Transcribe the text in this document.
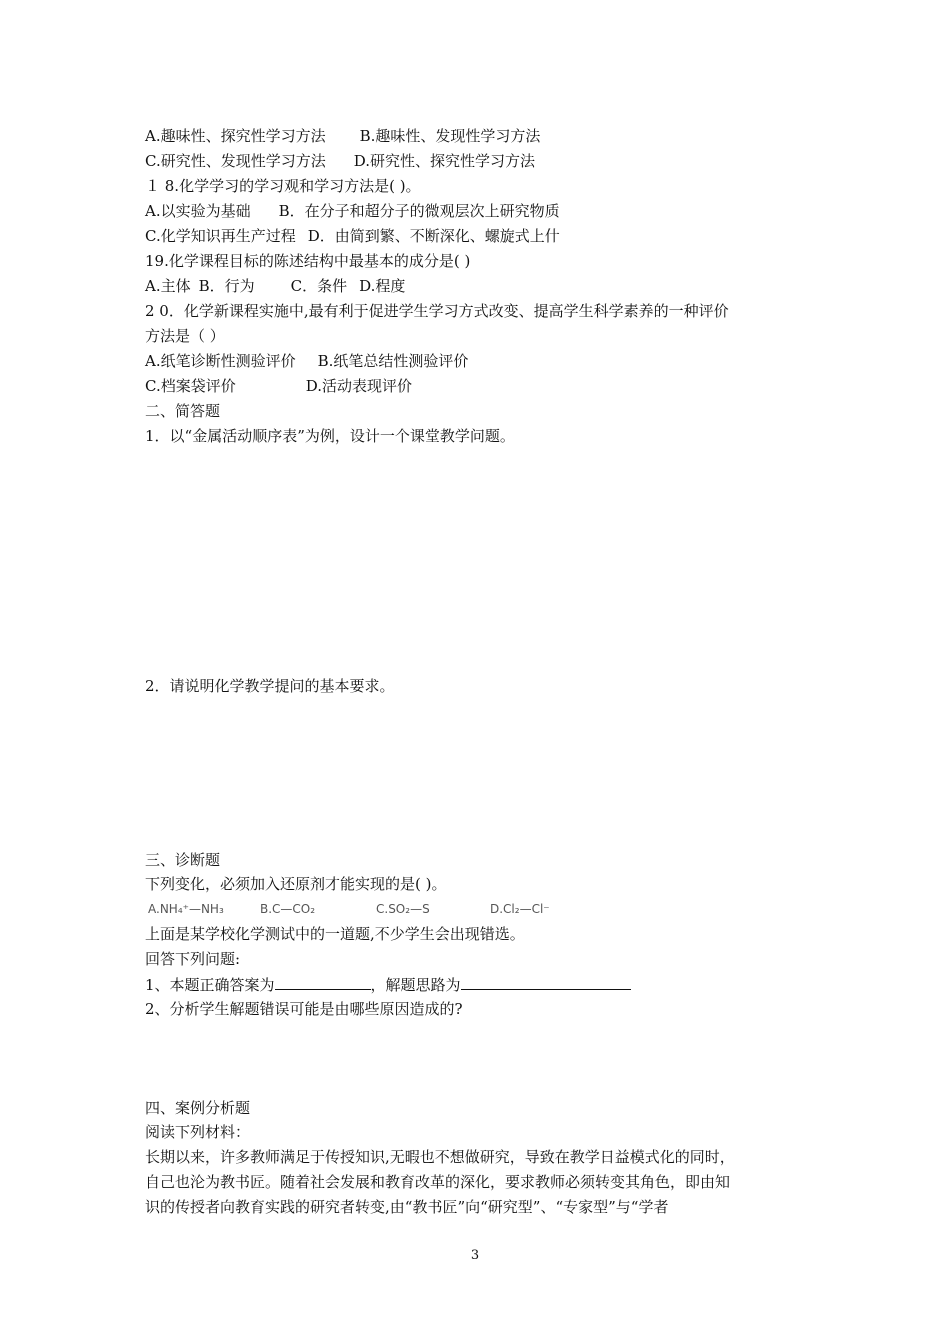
A.趣味性、探究性学习方法 B.趣味性、发现性学习方法
C.研究性、发现性学习方法 D.研究性、探究性学习方法
１ 8.化学学习的学习观和学习方法是( )。
A.以实验为基础 B．在分子和超分子的微观层次上研究物质
C.化学知识再生产过程 D．由简到繁、不断深化、螺旋式上什
19.化学课程目标的陈述结构中最基本的成分是( )
A.主体 B．行为 C．条件 D.程度
2 0．化学新课程实施中,最有利于促进学生学习方式改变、提高学生科学素养的一种评价
方法是（ ）
A.纸笔诊断性测验评价 B.纸笔总结性测验评价
C.档案袋评价	D.活动表现评价
二、简答题
1．以“金属活动顺序表”为例，设计一个课堂教学问题。
2．请说明化学教学提问的基本要求。
三、诊断题
下列变化，必须加入还原剂才能实现的是( )。
A.NH₄⁺—NH₃	B.C—CO₂	C.SO₂—S	D.Cl₂—Cl⁻
上面是某学校化学测试中的一道题,不少学生会出现错选。
回答下列问题:
1、本题正确答案为	，解题思路为
2、分析学生解题错误可能是由哪些原因造成的?
四、案例分析题
阅读下列材料：
长期以来，许多教师满足于传授知识,无暇也不想做研究，导致在教学日益模式化的同时，
自己也沦为教书匠。随着社会发展和教育改革的深化，要求教师必须转变其角色，即由知
识的传授者向教育实践的研究者转变,由“教书匠”向“研究型”、“专家型”与“学者
3
